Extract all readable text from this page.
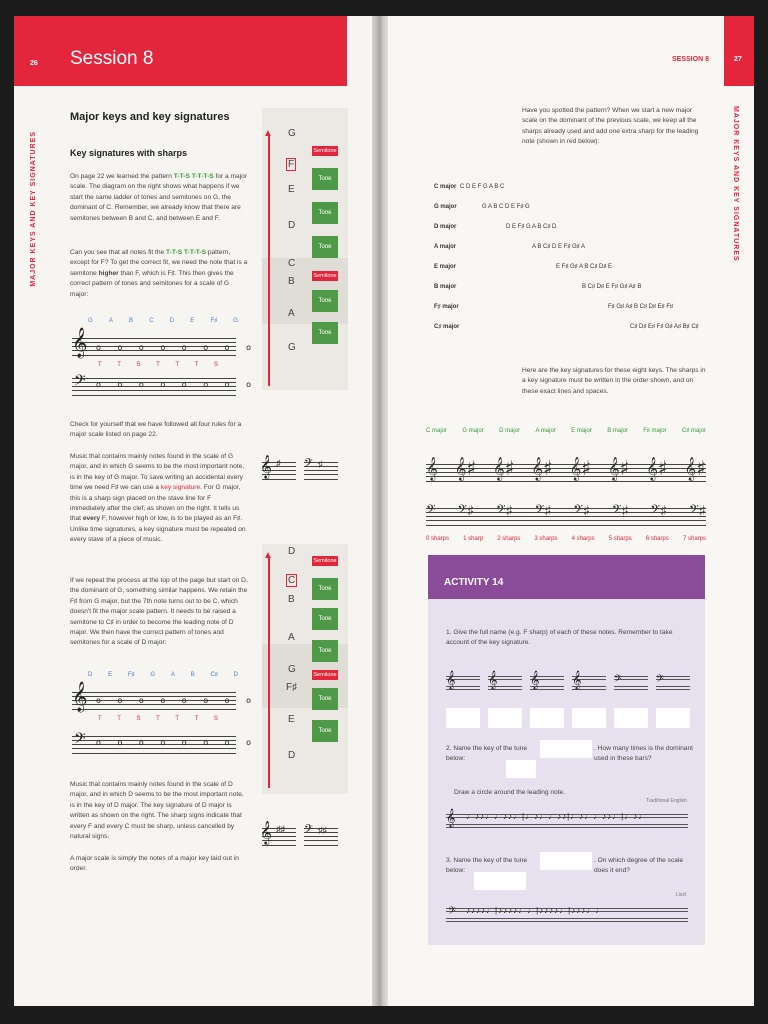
26 Session 8
MAJOR KEYS AND KEY SIGNATURES
Major keys and key signatures
Key signatures with sharps
On page 22 we learned the pattern T-T-S T-T-T-S for a major scale. The diagram on the right shows what happens if we start the same ladder of tones and semitones on G, the dominant of C. Remember, we already know that there are semitones between B and C, and between E and F.
Can you see that all notes fit the T-T-S T-T-T-S pattern, except for F? To get the correct fit, we need the note that is a semitone higher than F, which is F♯. This then gives the correct pattern of tones and semitones for a scale of G major:
G	A	B	C	D	E	F♯	G
𝄞 o o o o o o o o
T	T	S	T	T	T	S
𝄢 o o o o o o o o
Check for yourself that we have followed all four rules for a major scale listed on page 22.
Music that contains mainly notes found in the scale of G major, and in which G seems to be the most important note, is in the key of G major. To save writing an accidental every time we need F♯ we can use a key signature. For G major, this is a sharp sign placed on the stave line for F immediately after the clef, as shown on the right. It tells us that every F, however high or low, is to be played as an F♯. Unlike time signatures, a key signature must be repeated on every stave of a piece of music.
𝄞 ♯ 𝄢 ♯
If we repeat the process at the top of the page but start on D, the dominant of G, something similar happens. We retain the F♯ from G major, but the 7th note turns out to be C, which doesn't fit the major scale pattern. It needs to be raised a semitone to C♯ in order to become the leading note of D major. We then have the correct pattern of tones and semitones for a scale of D major:
D	E	F♯	G	A	B	C♯	D
𝄞 o o o o o o o o
T	T	S	T	T	T	S
𝄢 o o o o o o o o
Music that contains mainly notes found in the scale of D major, and in which D seems to be the most important note, is in the key of D major. The key signature of D major is written as shown on the right. The sharp signs indicate that every F and every C must be sharp, unless cancelled by natural signs.
A major scale is simply the notes of a major key laid out in order.
𝄞 ♯♯ 𝄢 ♯♯
▲ G
F
E
D
C
B
A
G
Semitone
Tone
Tone
Tone
Semitone
Tone
Tone
▲ D
C
B
A
G
F♯
E
D
Semitone
Tone
Tone
Tone
Semitone
Tone
Tone
27
SESSION 8
MAJOR KEYS AND KEY SIGNATURES
Have you spotted the pattern? When we start a new major scale on the dominant of the previous scale, we keep all the sharps already used and add one extra sharp for the leading note (shown in red below):
C major C D E F G A B C
G major	G A B C D E F♯ G
D major	D E F♯ G A B C♯ D
A major	A B C♯ D E F♯ G♯ A
E major	E F♯ G♯ A B C♯ D♯ E
B major	B C♯ D♯ E F♯ G♯ A♯ B
F♯ major	F♯ G♯ A♯ B C♯ D♯ E♯ F♯
C♯ major	C♯ D♯ E♯ F♯ G♯ A♯ B♯ C♯
Here are the key signatures for these eight keys. The sharps in a key signature must be written in the order shown, and on these exact lines and spaces.
C major	G major	D major	A major	E major	B major	F♯ major	C♯ major
𝄞 𝄞♯ 𝄞♯ 𝄞♯ 𝄞♯ 𝄞♯ 𝄞♯ 𝄞♯
𝄢 𝄢♯ 𝄢♯ 𝄢♯ 𝄢♯ 𝄢♯ 𝄢♯ 𝄢♯
0 sharps 1 sharp 2 sharps 3 sharps 4 sharps 5 sharps 6 sharps 7 sharps
ACTIVITY 14
1. Give the full name (e.g. F sharp) of each of these notes. Remember to take account of the key signature.
𝄞 𝄞 𝄞 𝄞	𝄢	𝄢
2. Name the key of the tune below:
. How many times is the dominant used in these bars?
Draw a circle around the leading note.
Traditional English
𝄞 ♩♪♪♩♩♪♪♩|♩♪♩♩♪♪|♩♪♩♩♪♪♩|♩♪♩
3. Name the key of the tune below:
. On which degree of the scale does it end?
Liszt
𝄢 ♪♪♪♪♩|♪♪♪♪♩♩|♪♪♪♪♩|♪♪♪♩♩
